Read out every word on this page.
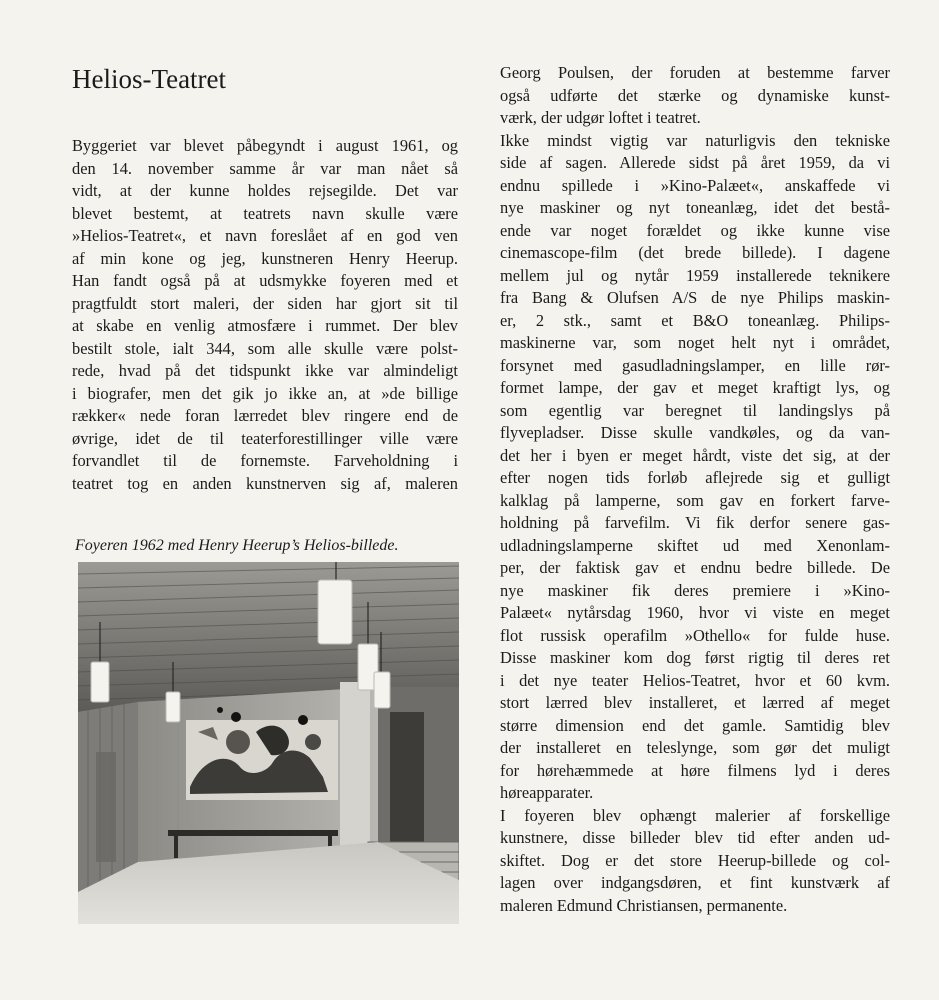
Helios-Teatret
Byggeriet var blevet påbegyndt i august 1961, og
den 14. november samme år var man nået så
vidt, at der kunne holdes rejsegilde. Det var
blevet bestemt, at teatrets navn skulle være
»Helios-Teatret«, et navn foreslået af en god ven
af min kone og jeg, kunstneren Henry Heerup.
Han fandt også på at udsmykke foyeren med et
pragtfuldt stort maleri, der siden har gjort sit til
at skabe en venlig atmosfære i rummet. Der blev
bestilt stole, ialt 344, som alle skulle være polst-
rede, hvad på det tidspunkt ikke var almindeligt
i biografer, men det gik jo ikke an, at »de billige
rækker« nede foran lærredet blev ringere end de
øvrige, idet de til teaterforestillinger ville være
forvandlet til de fornemste. Farveholdning i
teatret tog en anden kunstnerven sig af, maleren
Georg Poulsen, der foruden at bestemme farver
også udførte det stærke og dynamiske kunst-
værk, der udgør loftet i teatret.
Ikke mindst vigtig var naturligvis den tekniske
side af sagen. Allerede sidst på året 1959, da vi
endnu spillede i »Kino-Palæet«, anskaffede vi
nye maskiner og nyt toneanlæg, idet det bestå-
ende var noget forældet og ikke kunne vise
cinemascope-film (det brede billede). I dagene
mellem jul og nytår 1959 installerede teknikere
fra Bang & Olufsen A/S de nye Philips maskin-
er, 2 stk., samt et B&O toneanlæg. Philips-
maskinerne var, som noget helt nyt i området,
forsynet med gasudladningslamper, en lille rør-
formet lampe, der gav et meget kraftigt lys, og
som egentlig var beregnet til landingslys på
flyvepladser. Disse skulle vandkøles, og da van-
det her i byen er meget hårdt, viste det sig, at der
efter nogen tids forløb aflejrede sig et gulligt
kalklag på lamperne, som gav en forkert farve-
holdning på farvefilm. Vi fik derfor senere gas-
udladningslamperne skiftet ud med Xenonlam-
per, der faktisk gav et endnu bedre billede. De
nye maskiner fik deres premiere i »Kino-
Palæet« nytårsdag 1960, hvor vi viste en meget
flot russisk operafilm »Othello« for fulde huse.
Disse maskiner kom dog først rigtig til deres ret
i det nye teater Helios-Teatret, hvor et 60 kvm.
stort lærred blev installeret, et lærred af meget
større dimension end det gamle. Samtidig blev
der installeret en teleslynge, som gør det muligt
for hørehæmmede at høre filmens lyd i deres
høreapparater.
I foyeren blev ophængt malerier af forskellige
kunstnere, disse billeder blev tid efter anden ud-
skiftet. Dog er det store Heerup-billede og col-
lagen over indgangsdøren, et fint kunstværk af
maleren Edmund Christiansen, permanente.

Foyeren 1962 med Henry Heerup’s Helios-billede.
